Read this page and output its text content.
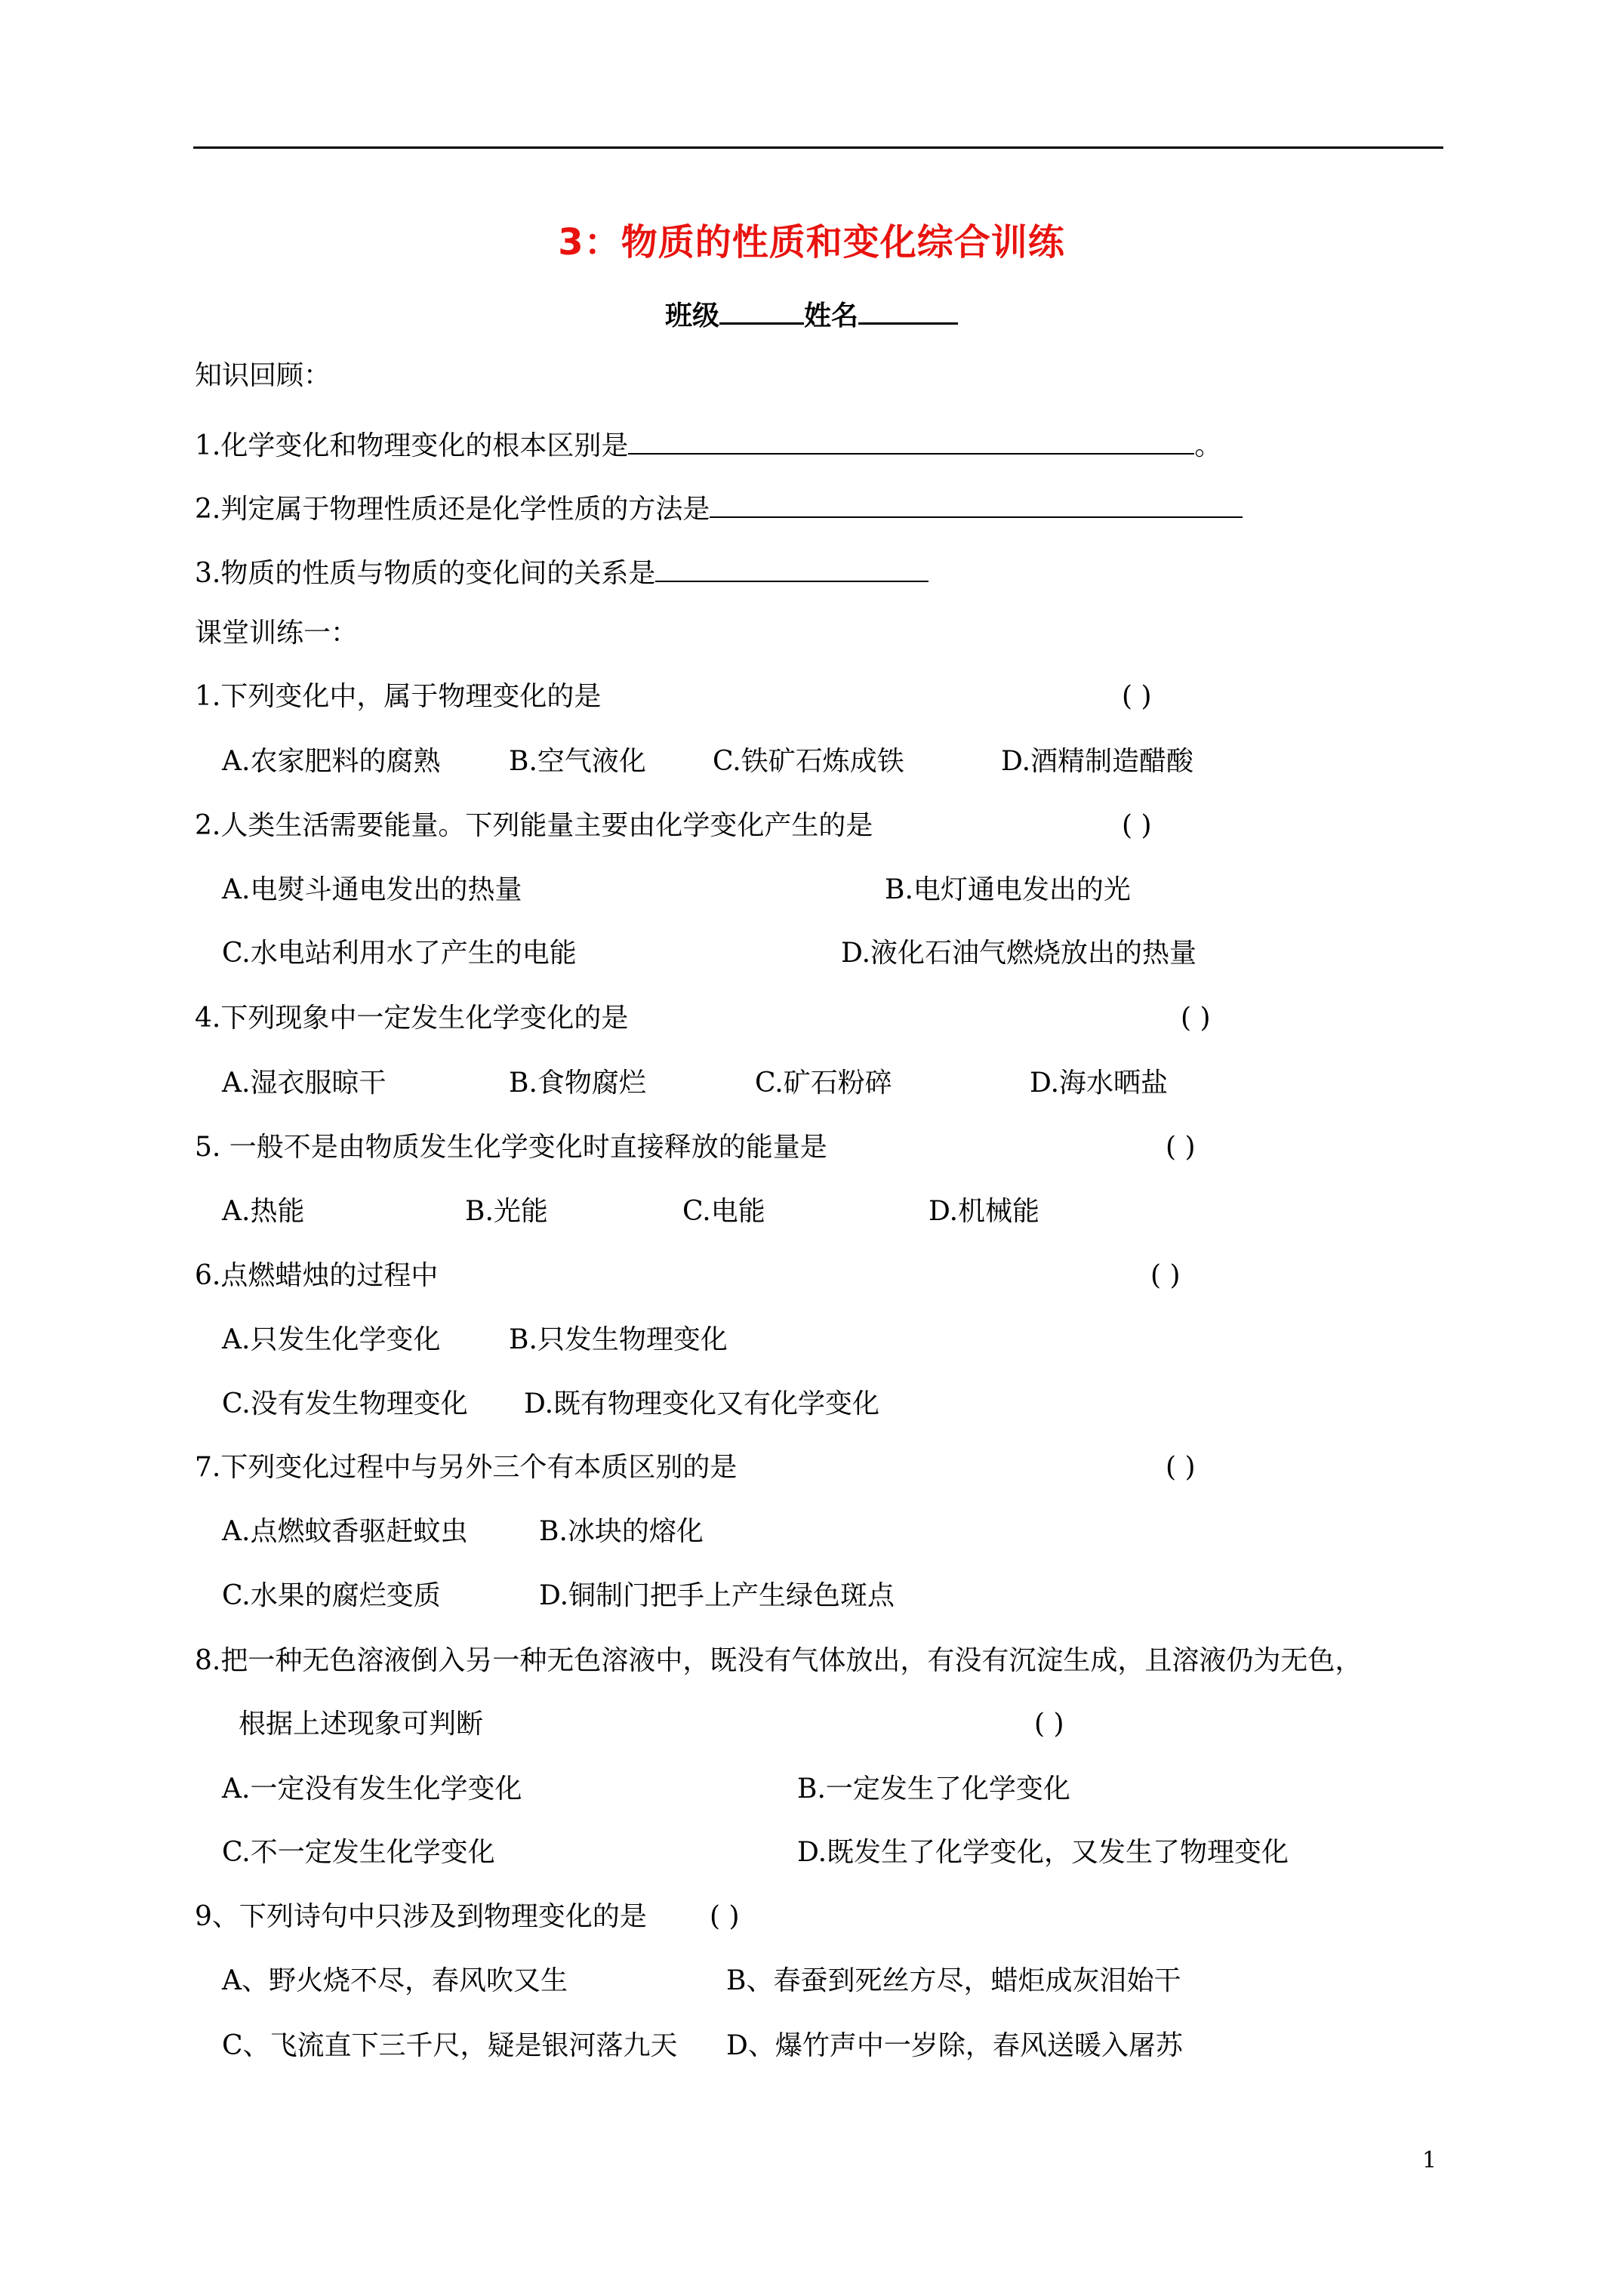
3：物质的性质和变化综合训练
班级	姓名
知识回顾：
1.化学变化和物理变化的根本区别是	。
2.判定属于物理性质还是化学性质的方法是
3.物质的性质与物质的变化间的关系是
课堂训练一：
1.下列变化中，属于物理变化的是	( )
A.农家肥料的腐熟	B.空气液化 C.铁矿石炼成铁	D.酒精制造醋酸
2.人类生活需要能量。下列能量主要由化学变化产生的是	( )
A.电熨斗通电发出的热量	B.电灯通电发出的光
C.水电站利用水了产生的电能	D.液化石油气燃烧放出的热量
4.下列现象中一定发生化学变化的是	( )
A.湿衣服晾干	B.食物腐烂	C.矿石粉碎	D.海水晒盐
5. 一般不是由物质发生化学变化时直接释放的能量是	( )
A.热能	B.光能	C.电能	D.机械能
6.点燃蜡烛的过程中	( )
A.只发生化学变化	B.只发生物理变化
C.没有发生物理变化 D.既有物理变化又有化学变化
7.下列变化过程中与另外三个有本质区别的是	( )
A.点燃蚊香驱赶蚊虫	B.冰块的熔化
C.水果的腐烂变质	D.铜制门把手上产生绿色斑点
8.把一种无色溶液倒入另一种无色溶液中，既没有气体放出，有没有沉淀生成，且溶液仍为无色，
根据上述现象可判断	( )
A.一定没有发生化学变化	B.一定发生了化学变化
C.不一定发生化学变化	D.既发生了化学变化，又发生了物理变化
9、下列诗句中只涉及到物理变化的是 ( )
A、野火烧不尽，春风吹又生	B、春蚕到死丝方尽，蜡炬成灰泪始干
C、飞流直下三千尺，疑是银河落九天 D、爆竹声中一岁除，春风送暖入屠苏
1
